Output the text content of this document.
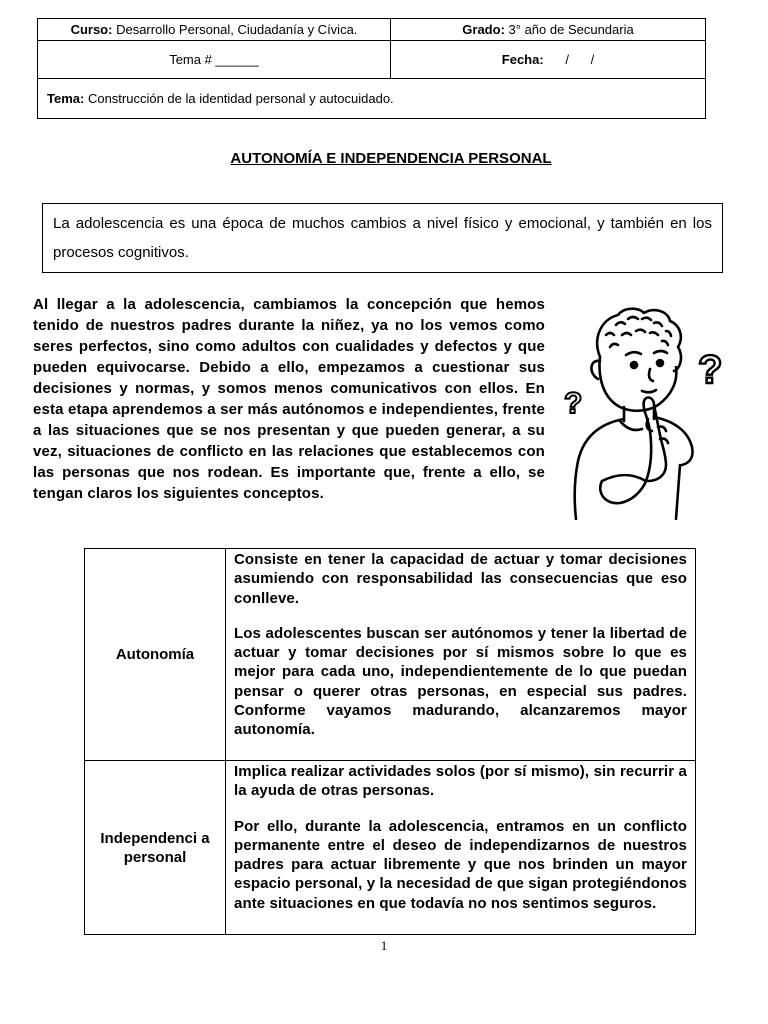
Curso: Desarrollo Personal, Ciudadanía y Cívica.	Grado: 3° año de Secundaria
Tema # ______	Fecha: /      /
Tema: Construcción de la identidad personal y autocuidado.	
AUTONOMÍA E INDEPENDENCIA PERSONAL
La adolescencia es una época de muchos cambios a nivel físico y emocional, y también en los procesos cognitivos.

Al llegar a la adolescencia, cambiamos la concepción que hemos tenido de nuestros padres durante la niñez, ya no los vemos como seres perfectos, sino como adultos con cualidades y defectos y que pueden equivocarse. Debido a ello, empezamos a cuestionar sus decisiones y normas, y somos menos comunicativos con ellos. En esta etapa aprendemos a ser más autónomos e independientes, frente a las situaciones que se nos presentan y que pueden generar, a su vez, situaciones de conflicto en las relaciones que establecemos con las personas que nos rodean. Es importante que, frente a ello, se tengan claros los siguientes conceptos.

?
?
Autonomía	Consiste en tener la capacidad de actuar y tomar decisiones asumiendo con responsabilidad las consecuencias que eso conlleve.

Los adolescentes buscan ser autónomos y tener la libertad de actuar y tomar decisiones por sí mismos sobre lo que es mejor para cada uno, independientemente de lo que puedan pensar o querer otras personas, en especial sus padres. Conforme vayamos madurando, alcanzaremos mayor autonomía.

Independenci a personal	Implica realizar actividades solos (por sí mismo), sin recurrir a la ayuda de otras personas.

Por ello, durante la adolescencia, entramos en un conflicto permanente entre el deseo de independizarnos de nuestros padres para actuar libremente y que nos brinden un mayor espacio personal, y la necesidad de que sigan protegiéndonos ante situaciones en que todavía no nos sentimos seguros.

1
